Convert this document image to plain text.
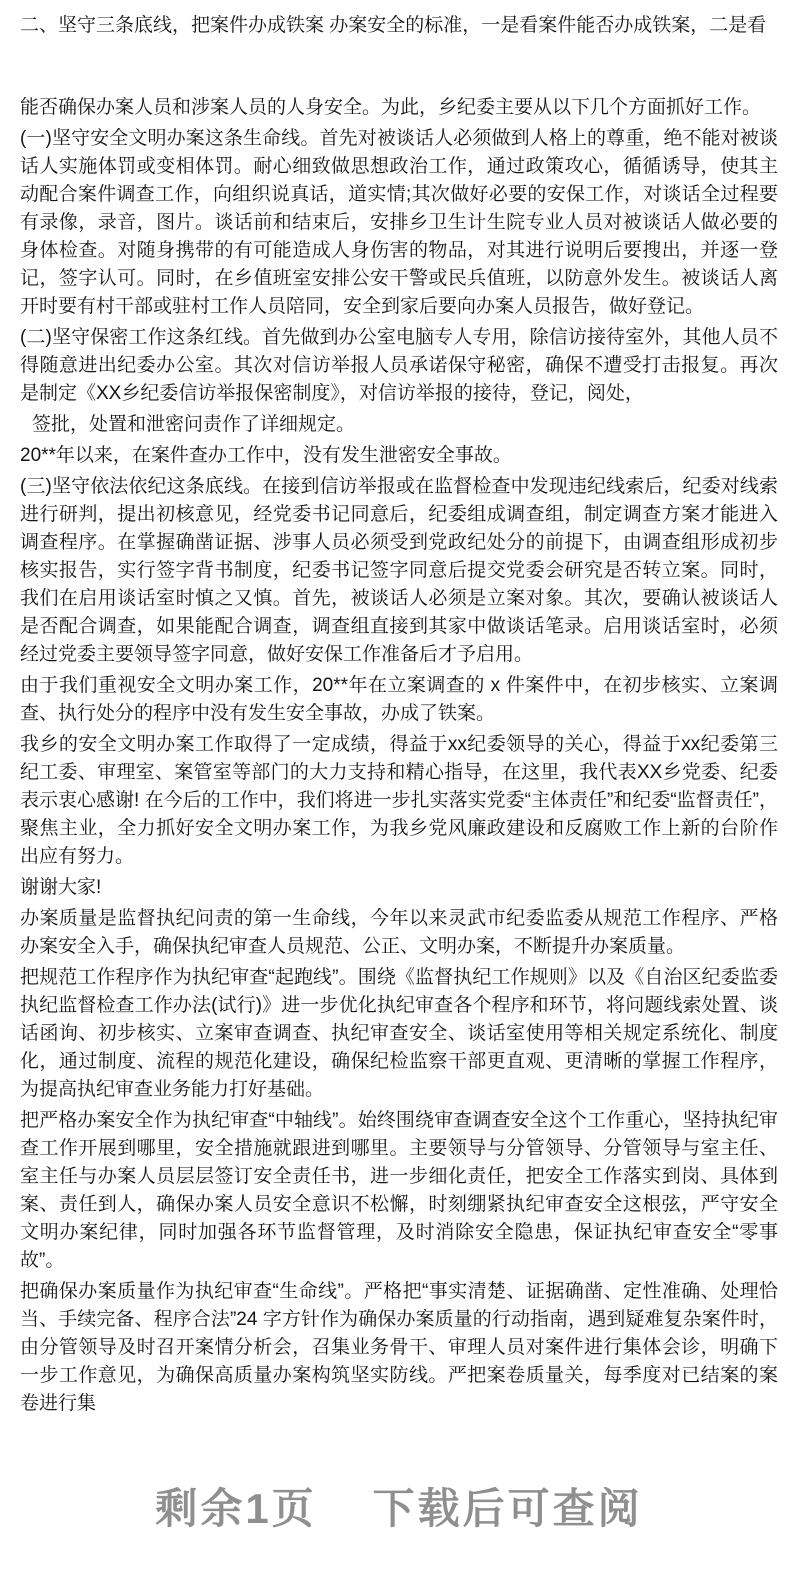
二、坚守三条底线，把案件办成铁案 办案安全的标准，一是看案件能否办成铁案，二是看

能否确保办案人员和涉案人员的人身安全。为此，乡纪委主要从以下几个方面抓好工作。

(一)坚守安全文明办案这条生命线。首先对被谈话人必须做到人格上的尊重，绝不能对被谈话人实施体罚或变相体罚。耐心细致做思想政治工作，通过政策攻心，循循诱导，使其主动配合案件调查工作，向组织说真话，道实情;其次做好必要的安保工作，对谈话全过程要有录像，录音，图片。谈话前和结束后，安排乡卫生计生院专业人员对被谈话人做必要的身体检查。对随身携带的有可能造成人身伤害的物品，对其进行说明后要搜出，并逐一登记，签字认可。同时，在乡值班室安排公安干警或民兵值班，以防意外发生。被谈话人离开时要有村干部或驻村工作人员陪同，安全到家后要向办案人员报告，做好登记。

(二)坚守保密工作这条红线。首先做到办公室电脑专人专用，除信访接待室外，其他人员不得随意进出纪委办公室。其次对信访举报人员承诺保守秘密，确保不遭受打击报复。再次是制定《XX乡纪委信访举报保密制度》，对信访举报的接待，登记，阅处，

签批，处置和泄密问责作了详细规定。

20**年以来，在案件查办工作中，没有发生泄密安全事故。

(三)坚守依法依纪这条底线。在接到信访举报或在监督检查中发现违纪线索后，纪委对线索进行研判，提出初核意见，经党委书记同意后，纪委组成调查组，制定调查方案才能进入调查程序。在掌握确凿证据、涉事人员必须受到党政纪处分的前提下，由调查组形成初步核实报告，实行签字背书制度，纪委书记签字同意后提交党委会研究是否转立案。同时，我们在启用谈话室时慎之又慎。首先，被谈话人必须是立案对象。其次，要确认被谈话人是否配合调查，如果能配合调查，调查组直接到其家中做谈话笔录。启用谈话室时，必须经过党委主要领导签字同意，做好安保工作准备后才予启用。

由于我们重视安全文明办案工作，20**年在立案调查的 x 件案件中，在初步核实、立案调查、执行处分的程序中没有发生安全事故，办成了铁案。

我乡的安全文明办案工作取得了一定成绩，得益于xx纪委领导的关心，得益于xx纪委第三纪工委、审理室、案管室等部门的大力支持和精心指导，在这里，我代表XX乡党委、纪委表示衷心感谢! 在今后的工作中，我们将进一步扎实落实党委“主体责任”和纪委“监督责任”，聚焦主业，全力抓好安全文明办案工作，为我乡党风廉政建设和反腐败工作上新的台阶作出应有努力。

谢谢大家!

办案质量是监督执纪问责的第一生命线，今年以来灵武市纪委监委从规范工作程序、严格办案安全入手，确保执纪审查人员规范、公正、文明办案，不断提升办案质量。

把规范工作程序作为执纪审查“起跑线”。围绕《监督执纪工作规则》以及《自治区纪委监委执纪监督检查工作办法(试行)》进一步优化执纪审查各个程序和环节，将问题线索处置、谈话函询、初步核实、立案审查调查、执纪审查安全、谈话室使用等相关规定系统化、制度化，通过制度、流程的规范化建设，确保纪检监察干部更直观、更清晰的掌握工作程序，为提高执纪审查业务能力打好基础。

把严格办案安全作为执纪审查“中轴线”。始终围绕审查调查安全这个工作重心，坚持执纪审查工作开展到哪里，安全措施就跟进到哪里。主要领导与分管领导、分管领导与室主任、室主任与办案人员层层签订安全责任书，进一步细化责任，把安全工作落实到岗、具体到案、责任到人，确保办案人员安全意识不松懈，时刻绷紧执纪审查安全这根弦，严守安全文明办案纪律，同时加强各环节监督管理，及时消除安全隐患，保证执纪审查安全“零事故”。

把确保办案质量作为执纪审查“生命线”。严格把“事实清楚、证据确凿、定性准确、处理恰当、手续完备、程序合法”24 字方针作为确保办案质量的行动指南，遇到疑难复杂案件时，由分管领导及时召开案情分析会，召集业务骨干、审理人员对案件进行集体会诊，明确下一步工作意见，为确保高质量办案构筑坚实防线。严把案卷质量关，每季度对已结案的案卷进行集

剩余1页 下载后可查阅
